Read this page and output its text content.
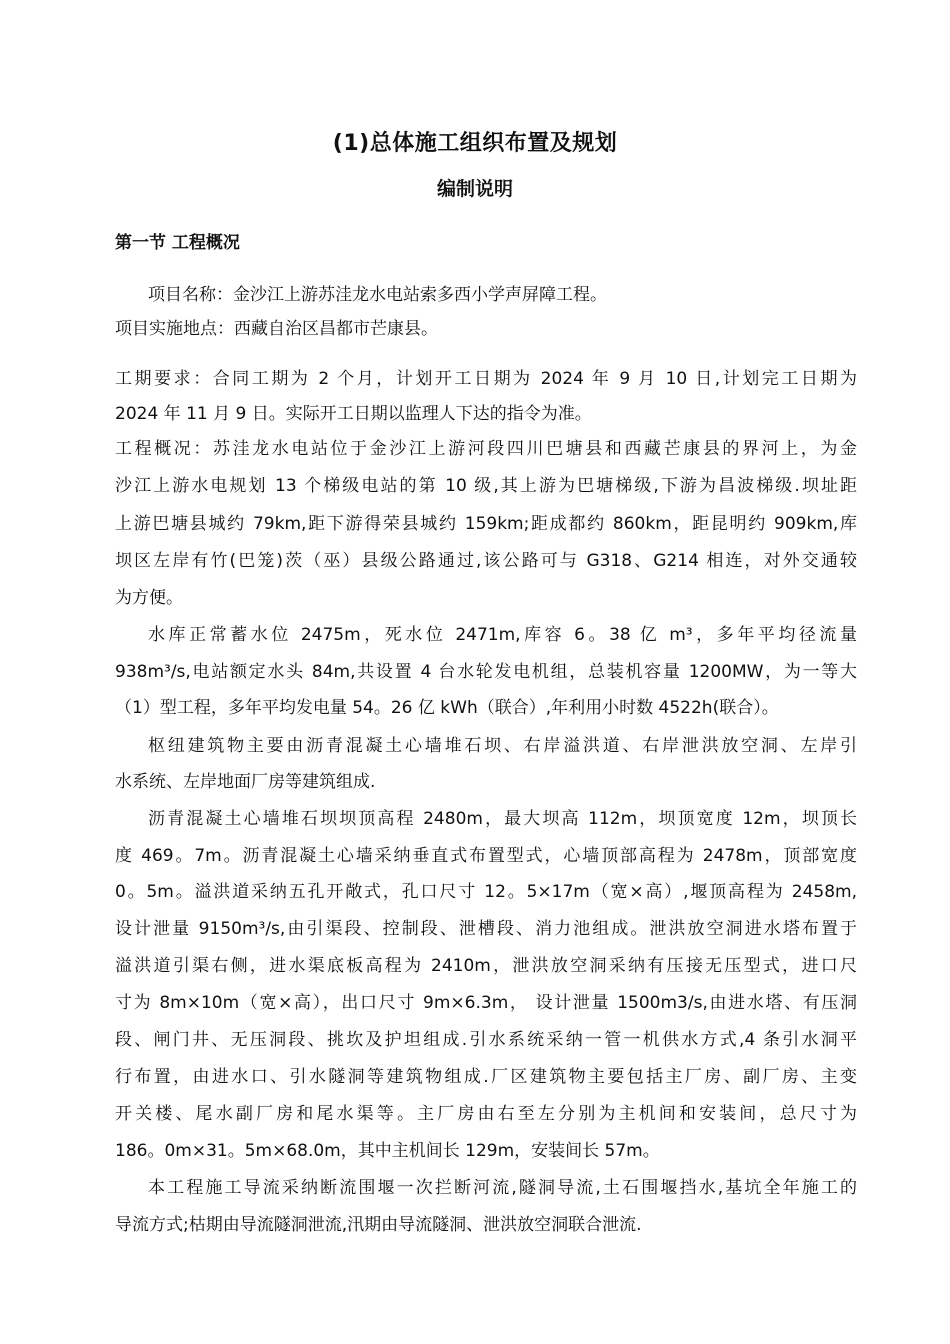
(1)总体施工组织布置及规划
编制说明
第一节 工程概况
项目名称：金沙江上游苏洼龙水电站索多西小学声屏障工程。
项目实施地点：西藏自治区昌都市芒康县。
工期要求：合同工期为 2 个月，计划开工日期为 2024 年 9 月 10 日,计划完工日期为
2024 年 11 月 9 日。实际开工日期以监理人下达的指令为准。
工程概况：苏洼龙水电站位于金沙江上游河段四川巴塘县和西藏芒康县的界河上，为金
沙江上游水电规划 13 个梯级电站的第 10 级,其上游为巴塘梯级,下游为昌波梯级.坝址距
上游巴塘县城约 79km,距下游得荣县城约 159km;距成都约 860km，距昆明约 909km,库
坝区左岸有竹(巴笼)茨（巫）县级公路通过,该公路可与 G318、G214 相连，对外交通较
为方便。
水库正常蓄水位 2475m，死水位 2471m,库容 6。38 亿 m³，多年平均径流量
938m³/s,电站额定水头 84m,共设置 4 台水轮发电机组，总装机容量 1200MW，为一等大
（1）型工程，多年平均发电量 54。26 亿 kWh（联合）,年利用小时数 4522h(联合）。
枢纽建筑物主要由沥青混凝土心墙堆石坝、右岸溢洪道、右岸泄洪放空洞、左岸引
水系统、左岸地面厂房等建筑组成.
沥青混凝土心墙堆石坝坝顶高程 2480m，最大坝高 112m，坝顶宽度 12m，坝顶长
度 469。7m。沥青混凝土心墙采纳垂直式布置型式，心墙顶部高程为 2478m，顶部宽度
0。5m。溢洪道采纳五孔开敞式，孔口尺寸 12。5×17m（宽×高）,堰顶高程为 2458m,
设计泄量 9150m³/s,由引渠段、控制段、泄槽段、消力池组成。泄洪放空洞进水塔布置于
溢洪道引渠右侧，进水渠底板高程为 2410m，泄洪放空洞采纳有压接无压型式，进口尺
寸为 8m×10m（宽×高），出口尺寸 9m×6.3m， 设计泄量 1500m3/s,由进水塔、有压洞
段、闸门井、无压洞段、挑坎及护坦组成.引水系统采纳一管一机供水方式,4 条引水洞平
行布置，由进水口、引水隧洞等建筑物组成.厂区建筑物主要包括主厂房、副厂房、主变
开关楼、尾水副厂房和尾水渠等。主厂房由右至左分别为主机间和安装间，总尺寸为
186。0m×31。5m×68.0m，其中主机间长 129m，安装间长 57m。
本工程施工导流采纳断流围堰一次拦断河流,隧洞导流,土石围堰挡水,基坑全年施工的
导流方式;枯期由导流隧洞泄流,汛期由导流隧洞、泄洪放空洞联合泄流.
